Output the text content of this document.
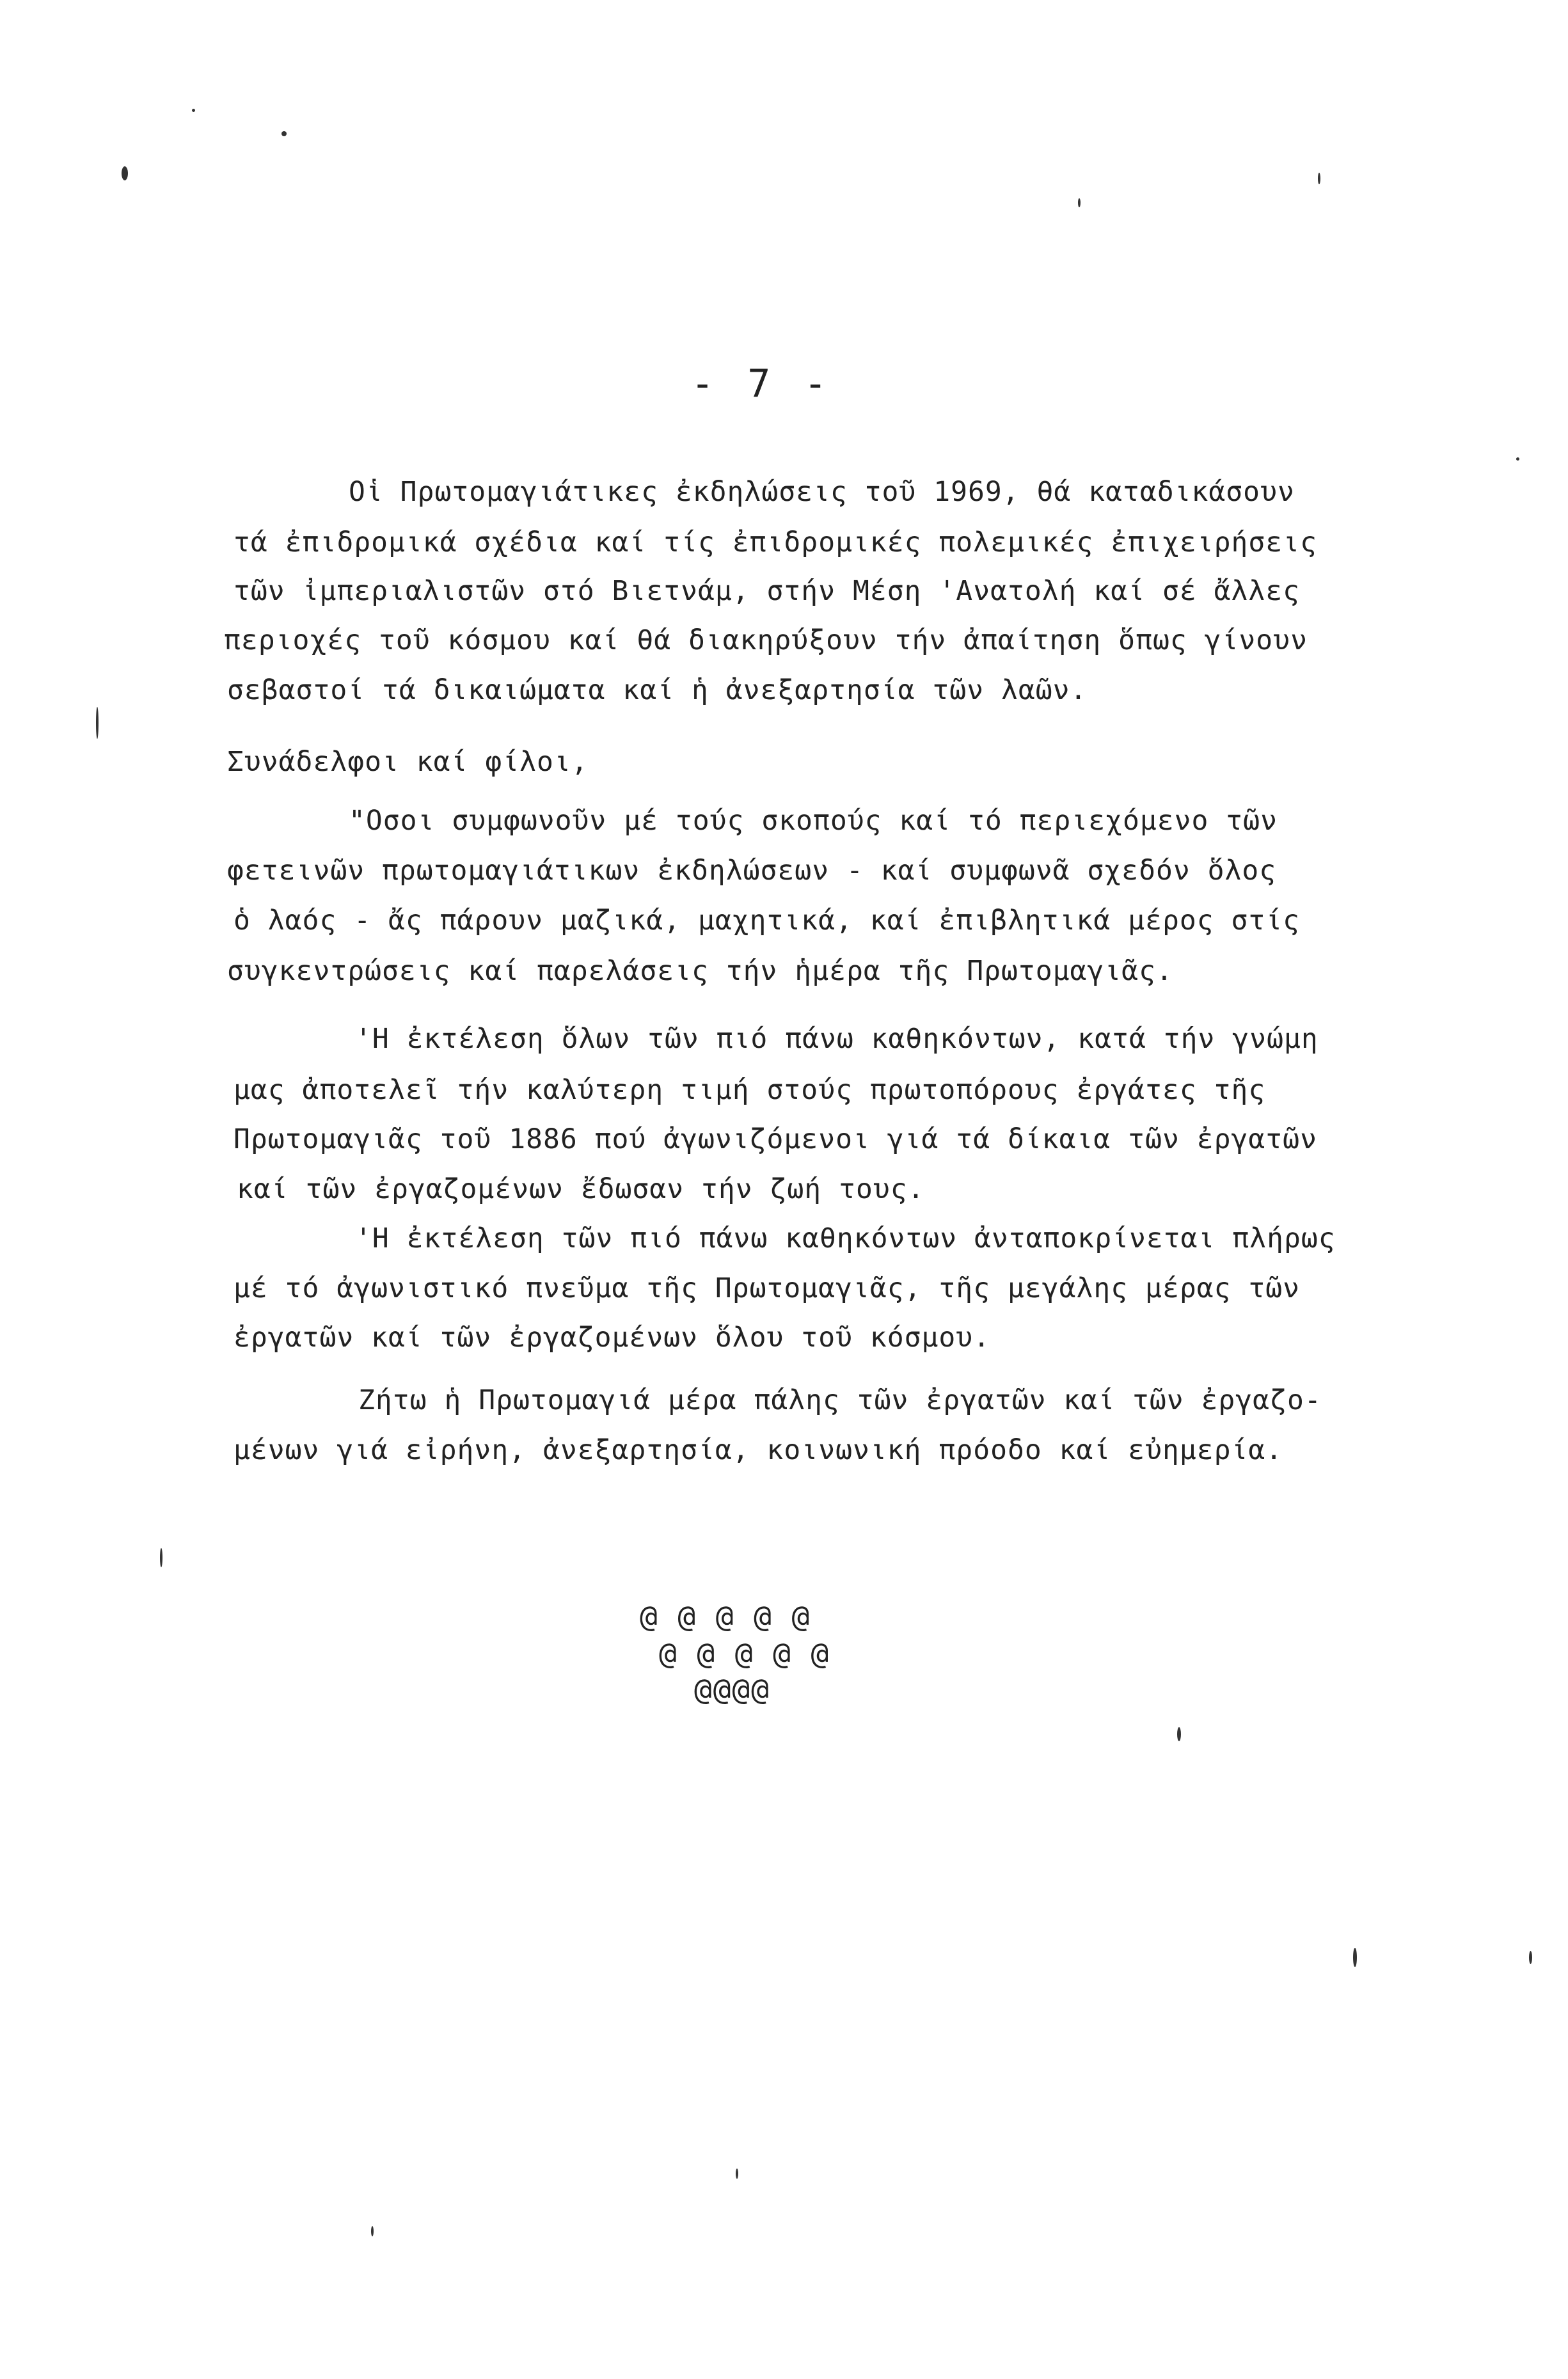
- 7 -
Οἱ Πρωτομαγιάτικες ἐκδηλώσεις τοῦ 1969, θά καταδικάσουν
τά ἐπιδρομικά σχέδια καί τίς ἐπιδρομικές πολεμικές ἐπιχειρήσεις
τῶν ἰμπεριαλιστῶν στό Βιετνάμ, στήν Μέση 'Ανατολή καί σέ ἄλλες
περιοχές τοῦ κόσμου καί θά διακηρύξουν τήν ἀπαίτηση ὅπως γίνουν
σεβαστοί τά δικαιώματα καί ἡ ἀνεξαρτησία τῶν λαῶν.
Συνάδελφοι καί φίλοι,
"Οσοι συμφωνοῦν μέ τούς σκοπούς καί τό περιεχόμενο τῶν
φετεινῶν πρωτομαγιάτικων ἐκδηλώσεων - καί συμφωνᾶ σχεδόν ὅλος
ὁ λαός - ἄς πάρουν μαζικά, μαχητικά, καί ἐπιβλητικά μέρος στίς
συγκεντρώσεις καί παρελάσεις τήν ἡμέρα τῆς Πρωτομαγιᾶς.
'Η ἐκτέλεση ὅλων τῶν πιό πάνω καθηκόντων, κατά τήν γνώμη
μας ἀποτελεῖ τήν καλύτερη τιμή στούς πρωτοπόρους ἐργάτες τῆς
Πρωτομαγιᾶς τοῦ 1886 πού ἀγωνιζόμενοι γιά τά δίκαια τῶν ἐργατῶν
καί τῶν ἐργαζομένων ἔδωσαν τήν ζωή τους.
'Η ἐκτέλεση τῶν πιό πάνω καθηκόντων ἀνταποκρίνεται πλήρως
μέ τό ἀγωνιστικό πνεῦμα τῆς Πρωτομαγιᾶς, τῆς μεγάλης μέρας τῶν
ἐργατῶν καί τῶν ἐργαζομένων ὅλου τοῦ κόσμου.
Ζήτω ἡ Πρωτομαγιά μέρα πάλης τῶν ἐργατῶν καί τῶν ἐργαζο-
μένων γιά εἰρήνη, ἀνεξαρτησία, κοινωνική πρόοδο καί εὐημερία.
@ @ @ @ @
@ @ @ @ @
@@@@
